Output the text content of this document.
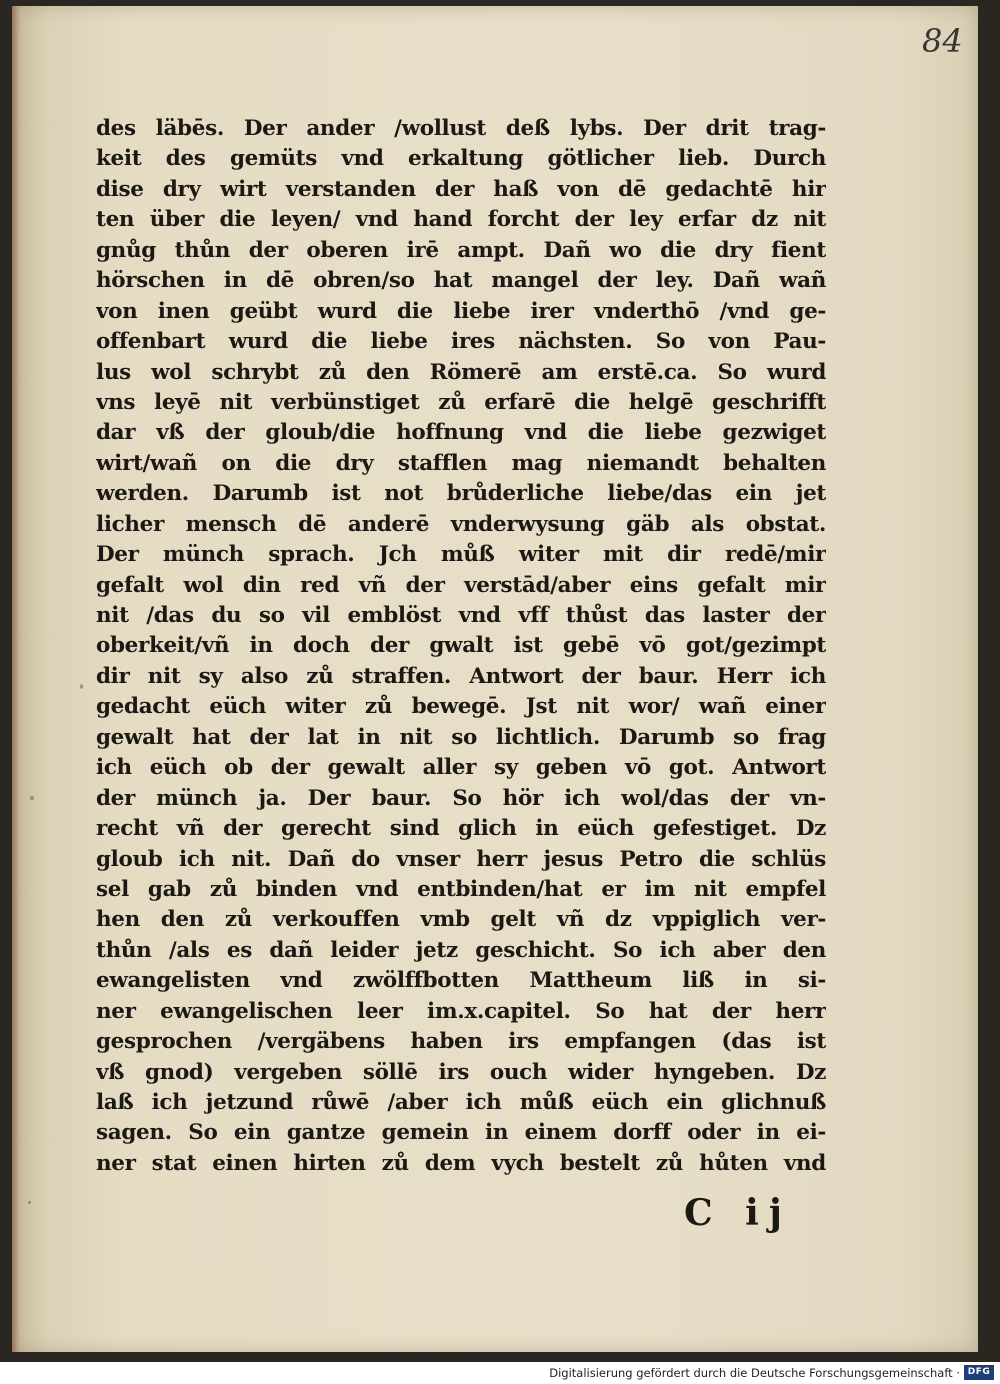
84
des läbēs. Der ander /wollust deß lybs. Der drit trag-
keit des gemüts vnd erkaltung götlicher lieb. Durch
dise dry wirt verstanden der haß von dē gedachtē hir
ten über die leyen/ vnd hand forcht der ley erfar dz nit
gnůg thůn der oberen irē ampt. Dañ wo die dry fient
hörschen in dē obren/so hat mangel der ley. Dañ wañ
von inen geübt wurd die liebe irer vnderthō /vnd ge-
offenbart wurd die liebe ires nächsten. So von Pau-
lus wol schrybt zů den Römerē am erstē.ca. So wurd
vns leyē nit verbünstiget zů erfarē die helgē geschrifft
dar vß der gloub/die hoffnung vnd die liebe gezwiget
wirt/wañ on die dry stafflen mag niemandt behalten
werden. Darumb ist not brůderliche liebe/das ein jet
licher mensch dē anderē vnderwysung gäb als obstat.
Der münch sprach. Jch můß witer mit dir redē/mir
gefalt wol din red vñ der verstād/aber eins gefalt mir
nit /das du so vil emblöst vnd vff thůst das laster der
oberkeit/vñ in doch der gwalt ist gebē vō got/gezimpt
dir nit sy also zů straffen. Antwort der baur. Herr ich
gedacht eüch witer zů bewegē. Jst nit wor/ wañ einer
gewalt hat der lat in nit so lichtlich. Darumb so frag
ich eüch ob der gewalt aller sy geben vō got. Antwort
der münch ja. Der baur. So hör ich wol/das der vn-
recht vñ der gerecht sind glich in eüch gefestiget. Dz
gloub ich nit. Dañ do vnser herr jesus Petro die schlüs
sel gab zů binden vnd entbinden/hat er im nit empfel
hen den zů verkouffen vmb gelt vñ dz vppiglich ver-
thůn /als es dañ leider jetz geschicht. So ich aber den
ewangelisten vnd zwölffbotten Mattheum liß in si-
ner ewangelischen leer im.x.capitel. So hat der herr
gesprochen /vergäbens haben irs empfangen (das ist
vß gnod) vergeben söllē irs ouch wider hyngeben. Dz
laß ich jetzund růwē /aber ich můß eüch ein glichnuß
sagen. So ein gantze gemein in einem dorff oder in ei-
ner stat einen hirten zů dem vych bestelt zů hůten vnd
C ij
Digitalisierung gefördert durch die Deutsche Forschungsgemeinschaft · DFG
